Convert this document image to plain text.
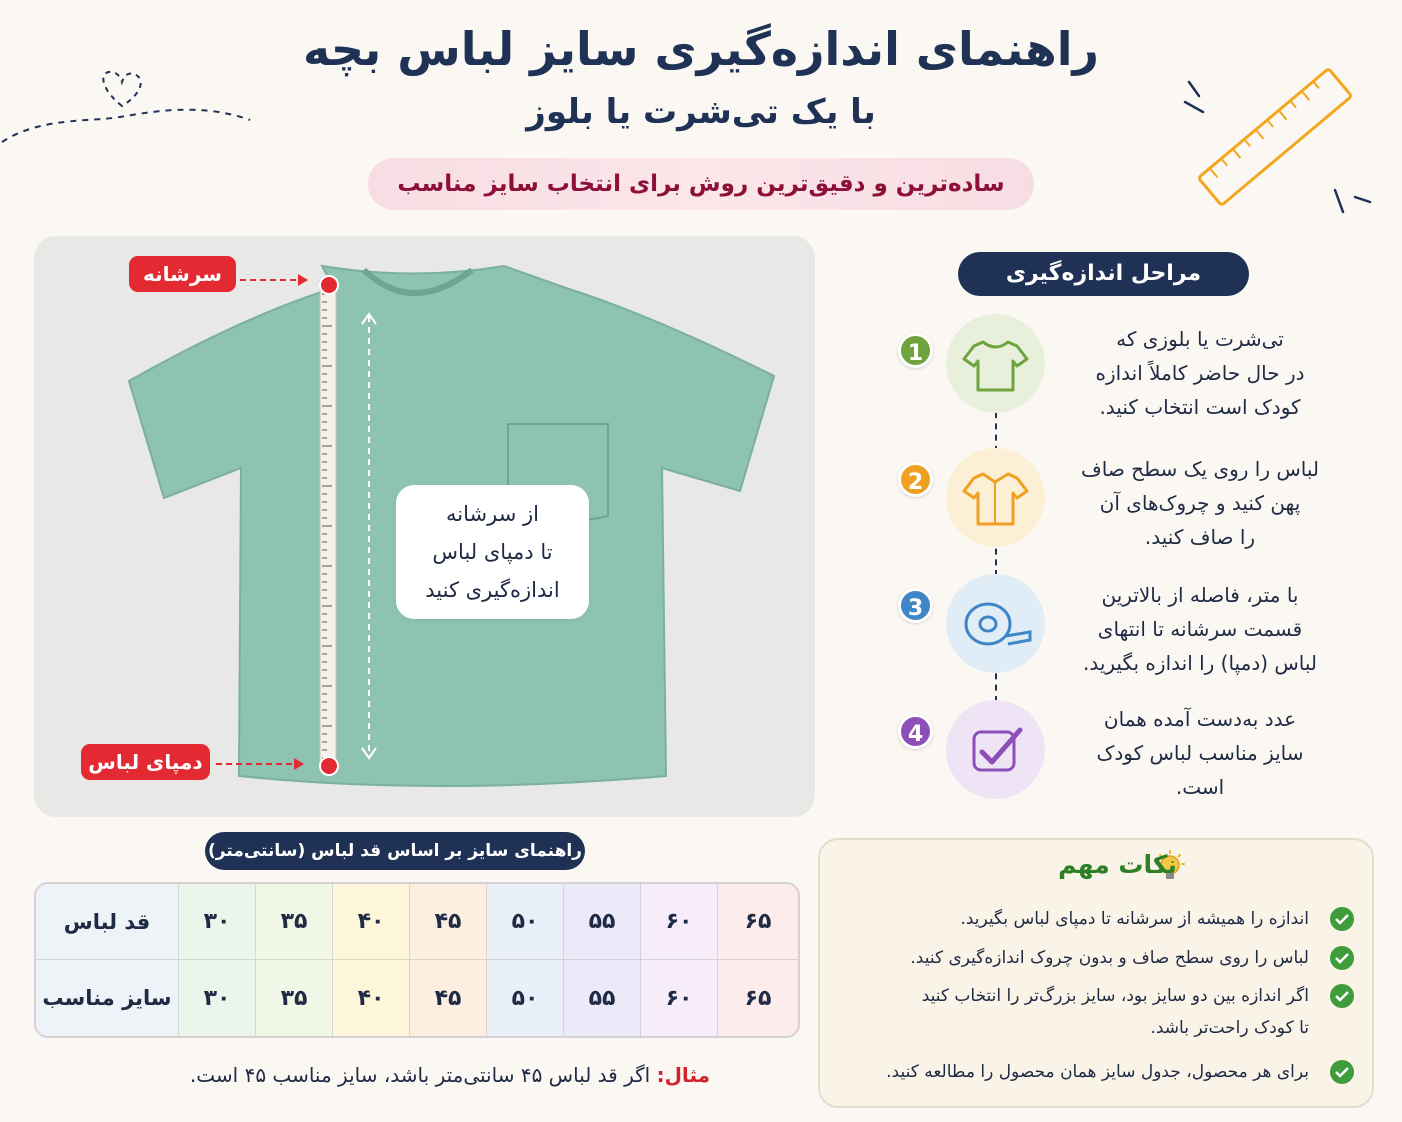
راهنمای اندازه‌گیری سایز لباس بچه
با یک تی‌شرت یا بلوز
ساده‌ترین و دقیق‌ترین روش برای انتخاب سایز مناسب
سرشانه
دمپای لباس
از سرشانه
تا دمپای لباس
اندازه‌گیری کنید
مراحل اندازه‌گیری
1
تی‌شرت یا بلوزی که
در حال حاضر کاملاً اندازه
کودک است انتخاب کنید.
2
لباس را روی یک سطح صاف
پهن کنید و چروک‌های آن
را صاف کنید.
3
با متر، فاصله از بالاترین
قسمت سرشانه تا انتهای
لباس (دمپا) را اندازه بگیرید.
4
عدد به‌دست آمده همان
سایز مناسب لباس کودک
است.
راهنمای سایز بر اساس قد لباس (سانتی‌متر)
قد لباس	۳۰	۳۵	۴۰	۴۵	۵۰	۵۵	۶۰	۶۵
سایز مناسب	۳۰	۳۵	۴۰	۴۵	۵۰	۵۵	۶۰	۶۵
مثال: اگر قد لباس ۴۵ سانتی‌متر باشد، سایز مناسب ۴۵ است.
نکات مهم
اندازه را همیشه از سرشانه تا دمپای لباس بگیرید.
لباس را روی سطح صاف و بدون چروک اندازه‌گیری کنید.
اگر اندازه بین دو سایز بود، سایز بزرگ‌تر را انتخاب کنید
تا کودک راحت‌تر باشد.
برای هر محصول، جدول سایز همان محصول را مطالعه کنید.
